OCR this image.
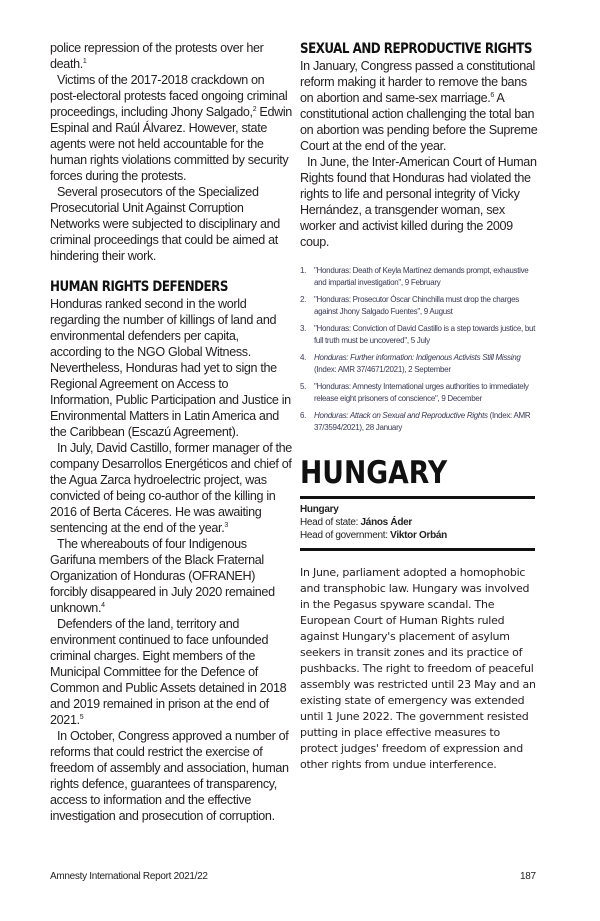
police repression of the protests over her death.$^1$

Victims of the 2017-2018 crackdown on post-electoral protests faced ongoing criminal proceedings, including Jhony Salgado,$^2$ Edwin Espinal and Raúl Álvarez. However, state agents were not held accountable for the human rights violations committed by security forces during the protests.

Several prosecutors of the Specialized Prosecutorial Unit Against Corruption Networks were subjected to disciplinary and criminal proceedings that could be aimed at hindering their work.

HUMAN RIGHTS DEFENDERS

Honduras ranked second in the world regarding the number of killings of land and environmental defenders per capita, according to the NGO Global Witness. Nevertheless, Honduras had yet to sign the Regional Agreement on Access to Information, Public Participation and Justice in Environmental Matters in Latin America and the Caribbean (Escazú Agreement).

In July, David Castillo, former manager of the company Desarrollos Energéticos and chief of the Agua Zarca hydroelectric project, was convicted of being co-author of the killing in 2016 of Berta Cáceres. He was awaiting sentencing at the end of the year.$^3$

The whereabouts of four Indigenous Garifuna members of the Black Fraternal Organization of Honduras (OFRANEH) forcibly disappeared in July 2020 remained unknown.$^4$

Defenders of the land, territory and environment continued to face unfounded criminal charges. Eight members of the Municipal Committee for the Defence of Common and Public Assets detained in 2018 and 2019 remained in prison at the end of 2021.$^5$

In October, Congress approved a number of reforms that could restrict the exercise of freedom of assembly and association, human rights defence, guarantees of transparency, access to information and the effective investigation and prosecution of corruption.

SEXUAL AND REPRODUCTIVE RIGHTS

In January, Congress passed a constitutional reform making it harder to remove the bans on abortion and same-sex marriage.$^6$ A constitutional action challenging the total ban on abortion was pending before the Supreme Court at the end of the year.

In June, the Inter-American Court of Human Rights found that Honduras had violated the rights to life and personal integrity of Vicky Hernández, a transgender woman, sex worker and activist killed during the 2009 coup.

1. "Honduras: Death of Keyla Martínez demands prompt, exhaustive and impartial investigation", 9 February
2. "Honduras: Prosecutor Óscar Chinchilla must drop the charges against Jhony Salgado Fuentes", 9 August
3. "Honduras: Conviction of David Castillo is a step towards justice, but full truth must be uncovered", 5 July
4. Honduras: Further information: Indigenous Activists Still Missing (Index: AMR 37/4671/2021), 2 September
5. "Honduras: Amnesty International urges authorities to immediately release eight prisoners of conscience", 9 December
6. Honduras: Attack on Sexual and Reproductive Rights (Index: AMR 37/3594/2021), 28 January
HUNGARY
Hungary
Head of state: János Áder
Head of government: Viktor Orbán

In June, parliament adopted a homophobic and transphobic law. Hungary was involved in the Pegasus spyware scandal. The European Court of Human Rights ruled against Hungary's placement of asylum seekers in transit zones and its practice of pushbacks. The right to freedom of peaceful assembly was restricted until 23 May and an existing state of emergency was extended until 1 June 2022. The government resisted putting in place effective measures to protect judges' freedom of expression and other rights from undue interference.

Amnesty International Report 2021/22	187
